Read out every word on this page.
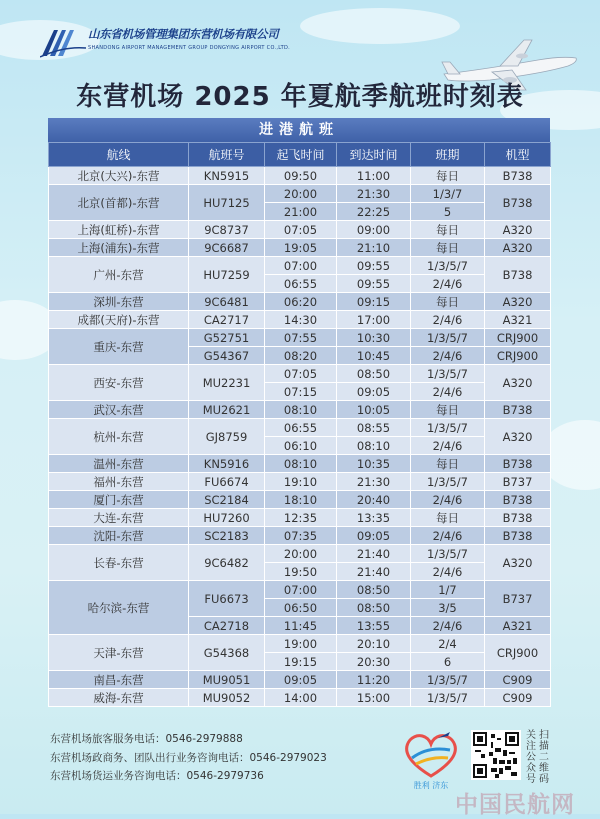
山东省机场管理集团东营机场有限公司
SHANDONG AIRPORT MANAGEMENT GROUP DONGYING AIRPORT CO.,LTD.
东营机场 2025 年夏航季航班时刻表
进港航班
航线	航班号	起飞时间	到达时间	班期	机型
北京(大兴)-东营	KN5915	09:50	11:00	每日	B738
北京(首都)-东营	HU7125	20:00	21:30	1/3/7	B738
		21:00	22:25	5	
上海(虹桥)-东营	9C8737	07:05	09:00	每日	A320
上海(浦东)-东营	9C6687	19:05	21:10	每日	A320
广州-东营	HU7259	07:00	09:55	1/3/5/7	B738
		06:55	09:55	2/4/6	
深圳-东营	9C6481	06:20	09:15	每日	A320
成都(天府)-东营	CA2717	14:30	17:00	2/4/6	A321
重庆-东营	G52751	07:55	10:30	1/3/5/7	CRJ900
	G54367	08:20	10:45	2/4/6	CRJ900
西安-东营	MU2231	07:05	08:50	1/3/5/7	A320
		07:15	09:05	2/4/6	
武汉-东营	MU2621	08:10	10:05	每日	B738
杭州-东营	GJ8759	06:55	08:55	1/3/5/7	A320
		06:10	08:10	2/4/6	
温州-东营	KN5916	08:10	10:35	每日	B738
福州-东营	FU6674	19:10	21:30	1/3/5/7	B737
厦门-东营	SC2184	18:10	20:40	2/4/6	B738
大连-东营	HU7260	12:35	13:35	每日	B738
沈阳-东营	SC2183	07:35	09:05	2/4/6	B738
长春-东营	9C6482	20:00	21:40	1/3/5/7	A320
		19:50	21:40	2/4/6	
哈尔滨-东营	FU6673	07:00	08:50	1/7	B737
		06:50	08:50	3/5	
	CA2718	11:45	13:55	2/4/6	A321
天津-东营	G54368	19:00	20:10	2/4	CRJ900
		19:15	20:30	6	
南昌-东营	MU9051	09:05	11:20	1/3/5/7	C909
威海-东营	MU9052	14:00	15:00	1/3/5/7	C909
东营机场旅客服务电话：0546-2979888
东营机场政商务、团队出行业务咨询电话：0546-2979023
东营机场货运业务咨询电话：0546-2979736
胜利 济东
扫
描
二
维
码
关
注
公
众
号
中国民航网
